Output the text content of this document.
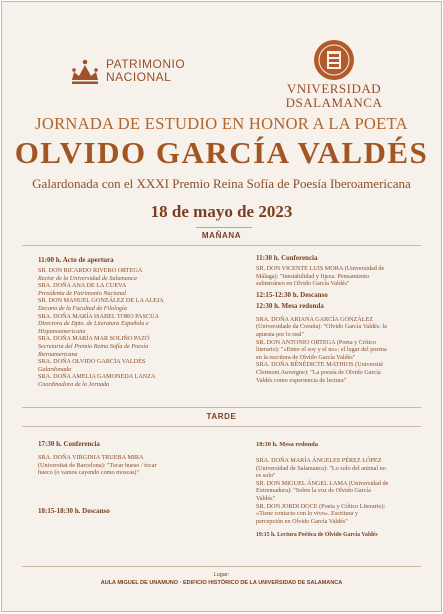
PATRIMONIO
NACIONAL
VNIVERSIDAD
DSALAMANCA
JORNADA DE ESTUDIO EN HONOR A LA POETA
OLVIDO GARCÍA VALDÉS
Galardonada con el XXXI Premio Reina Sofía de Poesía Iberoamericana
18 de mayo de 2023
MAÑANA
11:00 h. Acto de apertura
SR. DON RICARDO RIVERO ORTEGA
Rector de la Universidad de Salamanca
SRA. DOÑA ANA DE LA CUEVA
Presidenta de Patrimonio Nacional
SR. DON MANUEL GONZÁLEZ DE LA ALEJA
Decano de la Facultad de Filología
SRA. DOÑA MARÍA ISABEL TORO PASCUA
Directora de Dpto. de Literatura Española e
Hispanoamericana
SRA. DOÑA MARÍA MAR SOLIÑO PAZÓ
Secretaria del Premio Reina Sofía de Poesía
Iberoamericana
SRA. DOÑA OLVIDO GARCÍA VALDÉS
Galardonada
SRA. DOÑA AMELIA GAMONEDA LANZA
Coordinadora de la Jornada
11:30 h. Conferencia
SR. DON VICENTE LUIS MORA (Universidad de
Málaga): "Inestabilidad y fijeza. Pensamiento
subterráneo en Olvido García Valdés"
12:15-12:30 h. Descanso
12:30 h. Mesa redonda
SRA. DOÑA ARIANA GARCÍA GONZÁLEZ
(Universidade da Coruña): "Olvido García Valdés: la
apuesta por lo real"
SR. DON ANTONIO ORTEGA (Poeta y Crítico
literario): "«Entre el soy y el no»: el lugar del poema
en la escritura de Olvido García Valdés"
SRA. DOÑA BÉNÉDICTE MATHIOS (Université
Clermont Auvergne): "La poesía de Olvido García
Valdés como experiencia de lectura"
TARDE
17:30 h. Conferencia
SRA. DOÑA VIRGINIA TRUEBA MIRA
(Universitat de Barcelona): "Tocar hueso / tocar
hueco (o vamos cayendo como moscas)"
18:15-18:30 h. Descanso
18:30 h. Mesa redonda
SRA. DOÑA MARÍA ÁNGELES PÉREZ LÓPEZ
(Universidad de Salamanca): "Lo solo del animal no
es solo"
SR. DON MIGUEL ÁNGEL LAMA (Universidad de
Extremadura): "Sobre la voz de Olvido García
Valdés"
SR. DON JORDI DOCE (Poeta y Crítico Literario):
«Tiene contacto con lo vivo». Escritura y
percepción en Olvido García Valdés"
19:15 h. Lectura Poética de Olvido García Valdés
Lugar:
AULA MIGUEL DE UNAMUNO · EDIFICIO HISTÓRICO DE LA UNIVERSIDAD DE SALAMANCA
